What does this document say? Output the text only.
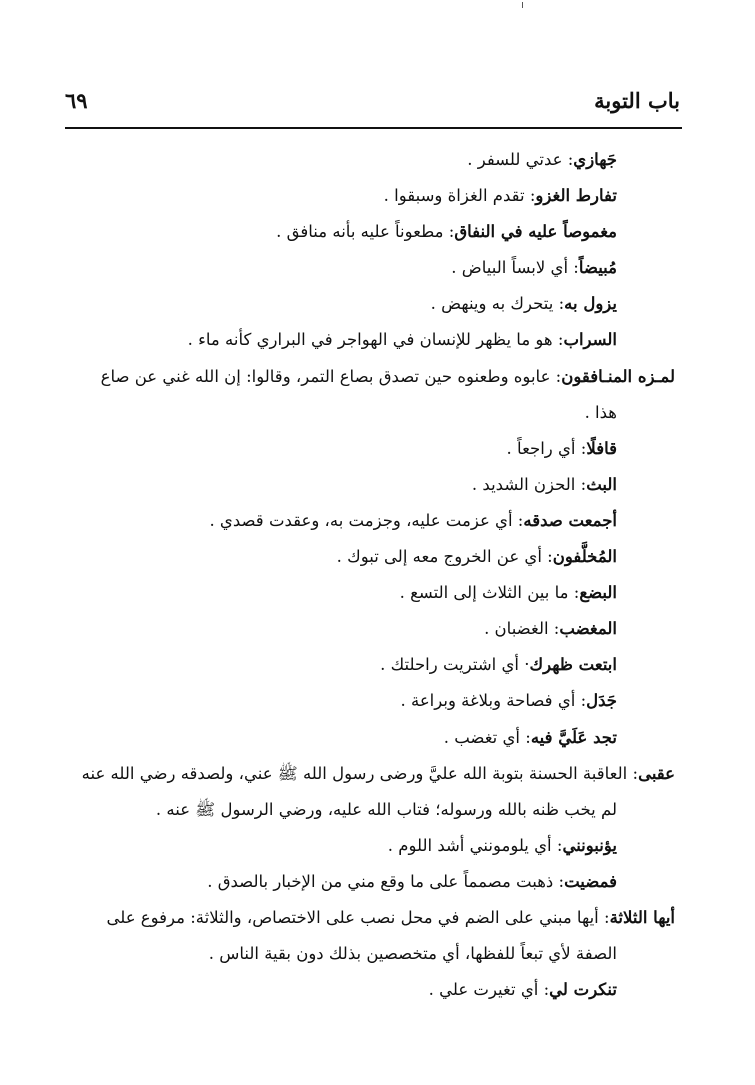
باب التوبة
٦٩

جَهازي: عدتي للسفر .

تفارط الغزو: تقدم الغزاة وسبقوا .

مغموصاً عليه في النفاق: مطعوناً عليه بأنه منافق .

مُبيضاً: أي لابساً البياض .

يزول به: يتحرك به وينهض .

السراب: هو ما يظهر للإنسان في الهواجر في البراري كأنه ماء .

لمـزه المنـافقون: عابوه وطعنوه حين تصدق بصاع التمر، وقالوا: إن الله غني عن صاع هذا .

قافلًا: أي راجعاً .

البث: الحزن الشديد .

أجمعت صدقه: أي عزمت عليه، وجزمت به، وعقدت قصدي .

المُخلَّفون: أي عن الخروج معه إلى تبوك .

البضع: ما بين الثلاث إلى التسع .

المغضب: الغضبان .

ابتعت ظهرك· أي اشتريت راحلتك .

جَدَل: أي فصاحة وبلاغة وبراعة .

تجد عَلَيَّ فيه: أي تغضب .

عقبى: العاقبة الحسنة بتوبة الله عليَّ ورضى رسول الله ﷺ عني، ولصدقه رضي الله عنه لم يخب ظنه بالله ورسوله؛ فتاب الله عليه، ورضي الرسول ﷺ عنه .

يؤنبونني: أي يلومونني أشد اللوم .

فمضيت: ذهبت مصمماً على ما وقع مني من الإخبار بالصدق .

أيها الثلاثة: أيها مبني على الضم في محل نصب على الاختصاص، والثلاثة: مرفوع على الصفة لأي تبعاً للفظها، أي متخصصين بذلك دون بقية الناس .

تنكرت لي: أي تغيرت علي .
